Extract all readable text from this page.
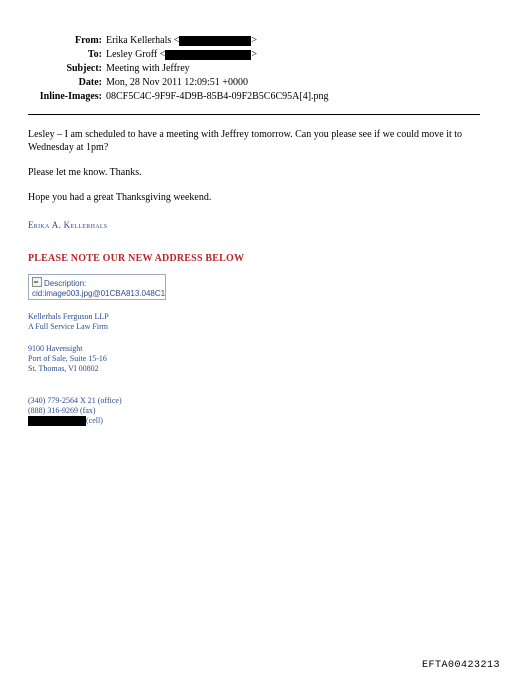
From: Erika Kellerhals <	>
To: Lesley Groff <	>
Subject: Meeting with Jeffrey
Date: Mon, 28 Nov 2011 12:09:51 +0000
Inline-Images: 08CF5C4C-9F9F-4D9B-85B4-09F2B5C6C95A[4].png

Lesley – I am scheduled to have a meeting with Jeffrey tomorrow. Can you please see if we could move it to Wednesday at 1pm?

Please let me know. Thanks.

Hope you had a great Thanksgiving weekend.

Erika A. Kellerhals
PLEASE NOTE OUR NEW ADDRESS BELOW
Description:
cid:image003.jpg@01CBA813.048C1
Kellerhals Ferguson LLP
A Full Service Law Firm
9100 Havensight
Port of Sale, Suite 15-16
St. Thomas, VI 00802
(340) 779-2564 X 21 (office)
(888) 316-9269 (fax)
(cell)
EFTA00423213
